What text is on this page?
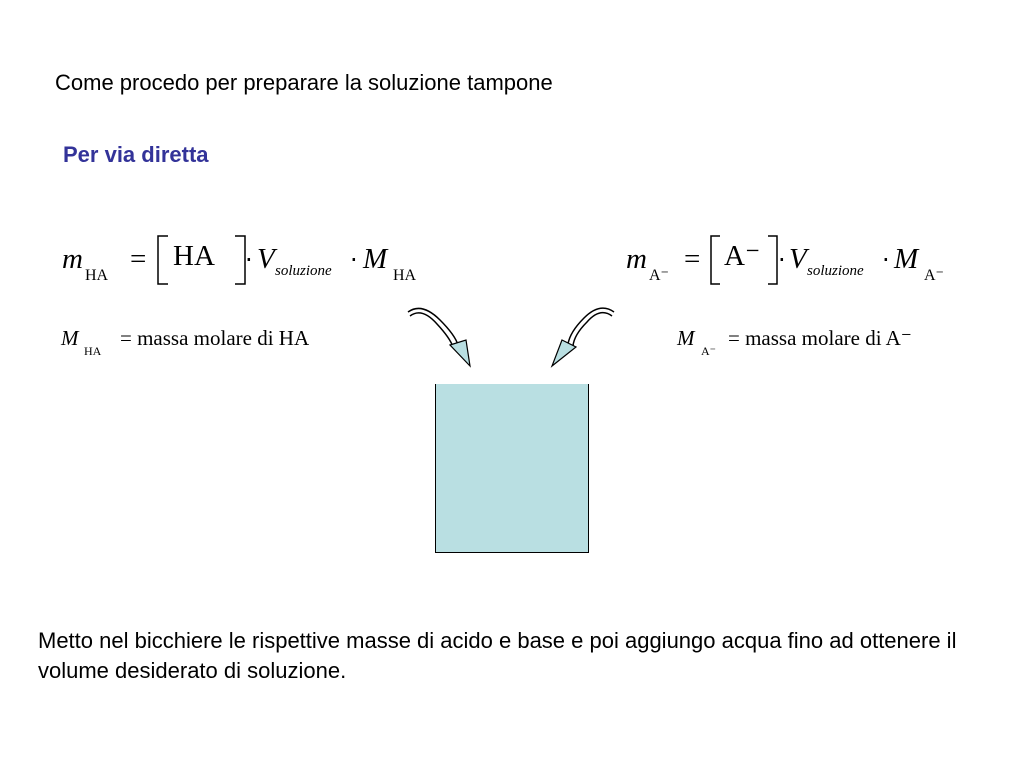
Come procedo per preparare la soluzione tampone
Per via diretta
m
HA
= HA · V soluzione · M
HA
m
A⁻
= A⁻ · V soluzione · M
A⁻
M
HA
= massa molare di HA	M
A⁻
= massa molare di A⁻
Metto nel bicchiere le rispettive masse di acido e base e poi aggiungo acqua fino ad ottenere il volume desiderato di soluzione.
